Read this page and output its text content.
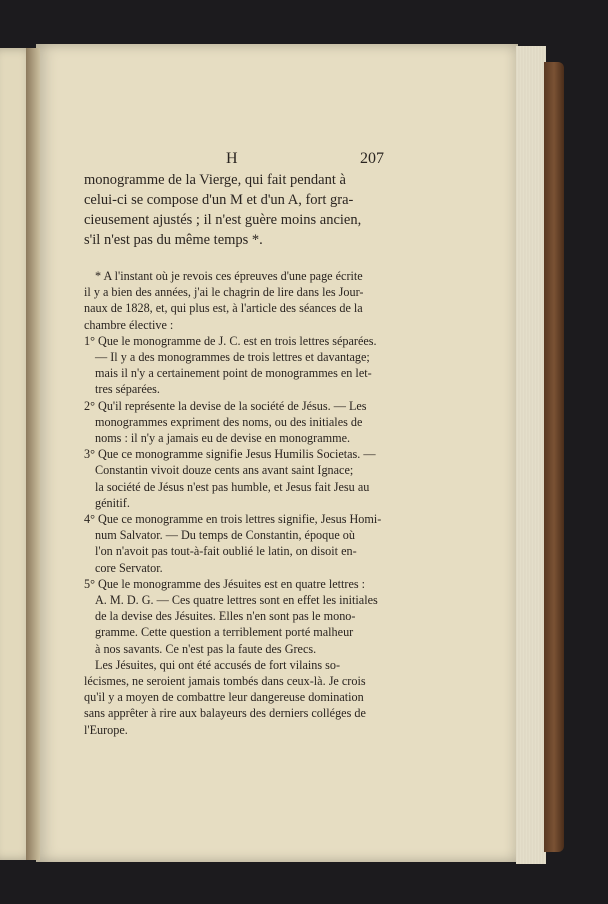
H	207
monogramme de la Vierge, qui fait pendant à
celui-ci se compose d'un M et d'un A, fort gra-
cieusement ajustés ; il n'est guère moins ancien,
s'il n'est pas du même temps *.
* A l'instant où je revois ces épreuves d'une page écrite
il y a bien des années, j'ai le chagrin de lire dans les Jour-
naux de 1828, et, qui plus est, à l'article des séances de la
chambre élective :
1° Que le monogramme de J. C. est en trois lettres séparées.
— Il y a des monogrammes de trois lettres et davantage;
mais il n'y a certainement point de monogrammes en let-
tres séparées.
2° Qu'il représente la devise de la société de Jésus. — Les
monogrammes expriment des noms, ou des initiales de
noms : il n'y a jamais eu de devise en monogramme.
3° Que ce monogramme signifie Jesus Humilis Societas. —
Constantin vivoit douze cents ans avant saint Ignace;
la société de Jésus n'est pas humble, et Jesus fait Jesu au
génitif.
4° Que ce monogramme en trois lettres signifie, Jesus Homi-
num Salvator. — Du temps de Constantin, époque où
l'on n'avoit pas tout-à-fait oublié le latin, on disoit en-
core Servator.
5° Que le monogramme des Jésuites est en quatre lettres :
A. M. D. G. — Ces quatre lettres sont en effet les initiales
de la devise des Jésuites. Elles n'en sont pas le mono-
gramme. Cette question a terriblement porté malheur
à nos savants. Ce n'est pas la faute des Grecs.
Les Jésuites, qui ont été accusés de fort vilains so-
lécismes, ne seroient jamais tombés dans ceux-là. Je crois
qu'il y a moyen de combattre leur dangereuse domination
sans apprêter à rire aux balayeurs des derniers colléges de
l'Europe.
